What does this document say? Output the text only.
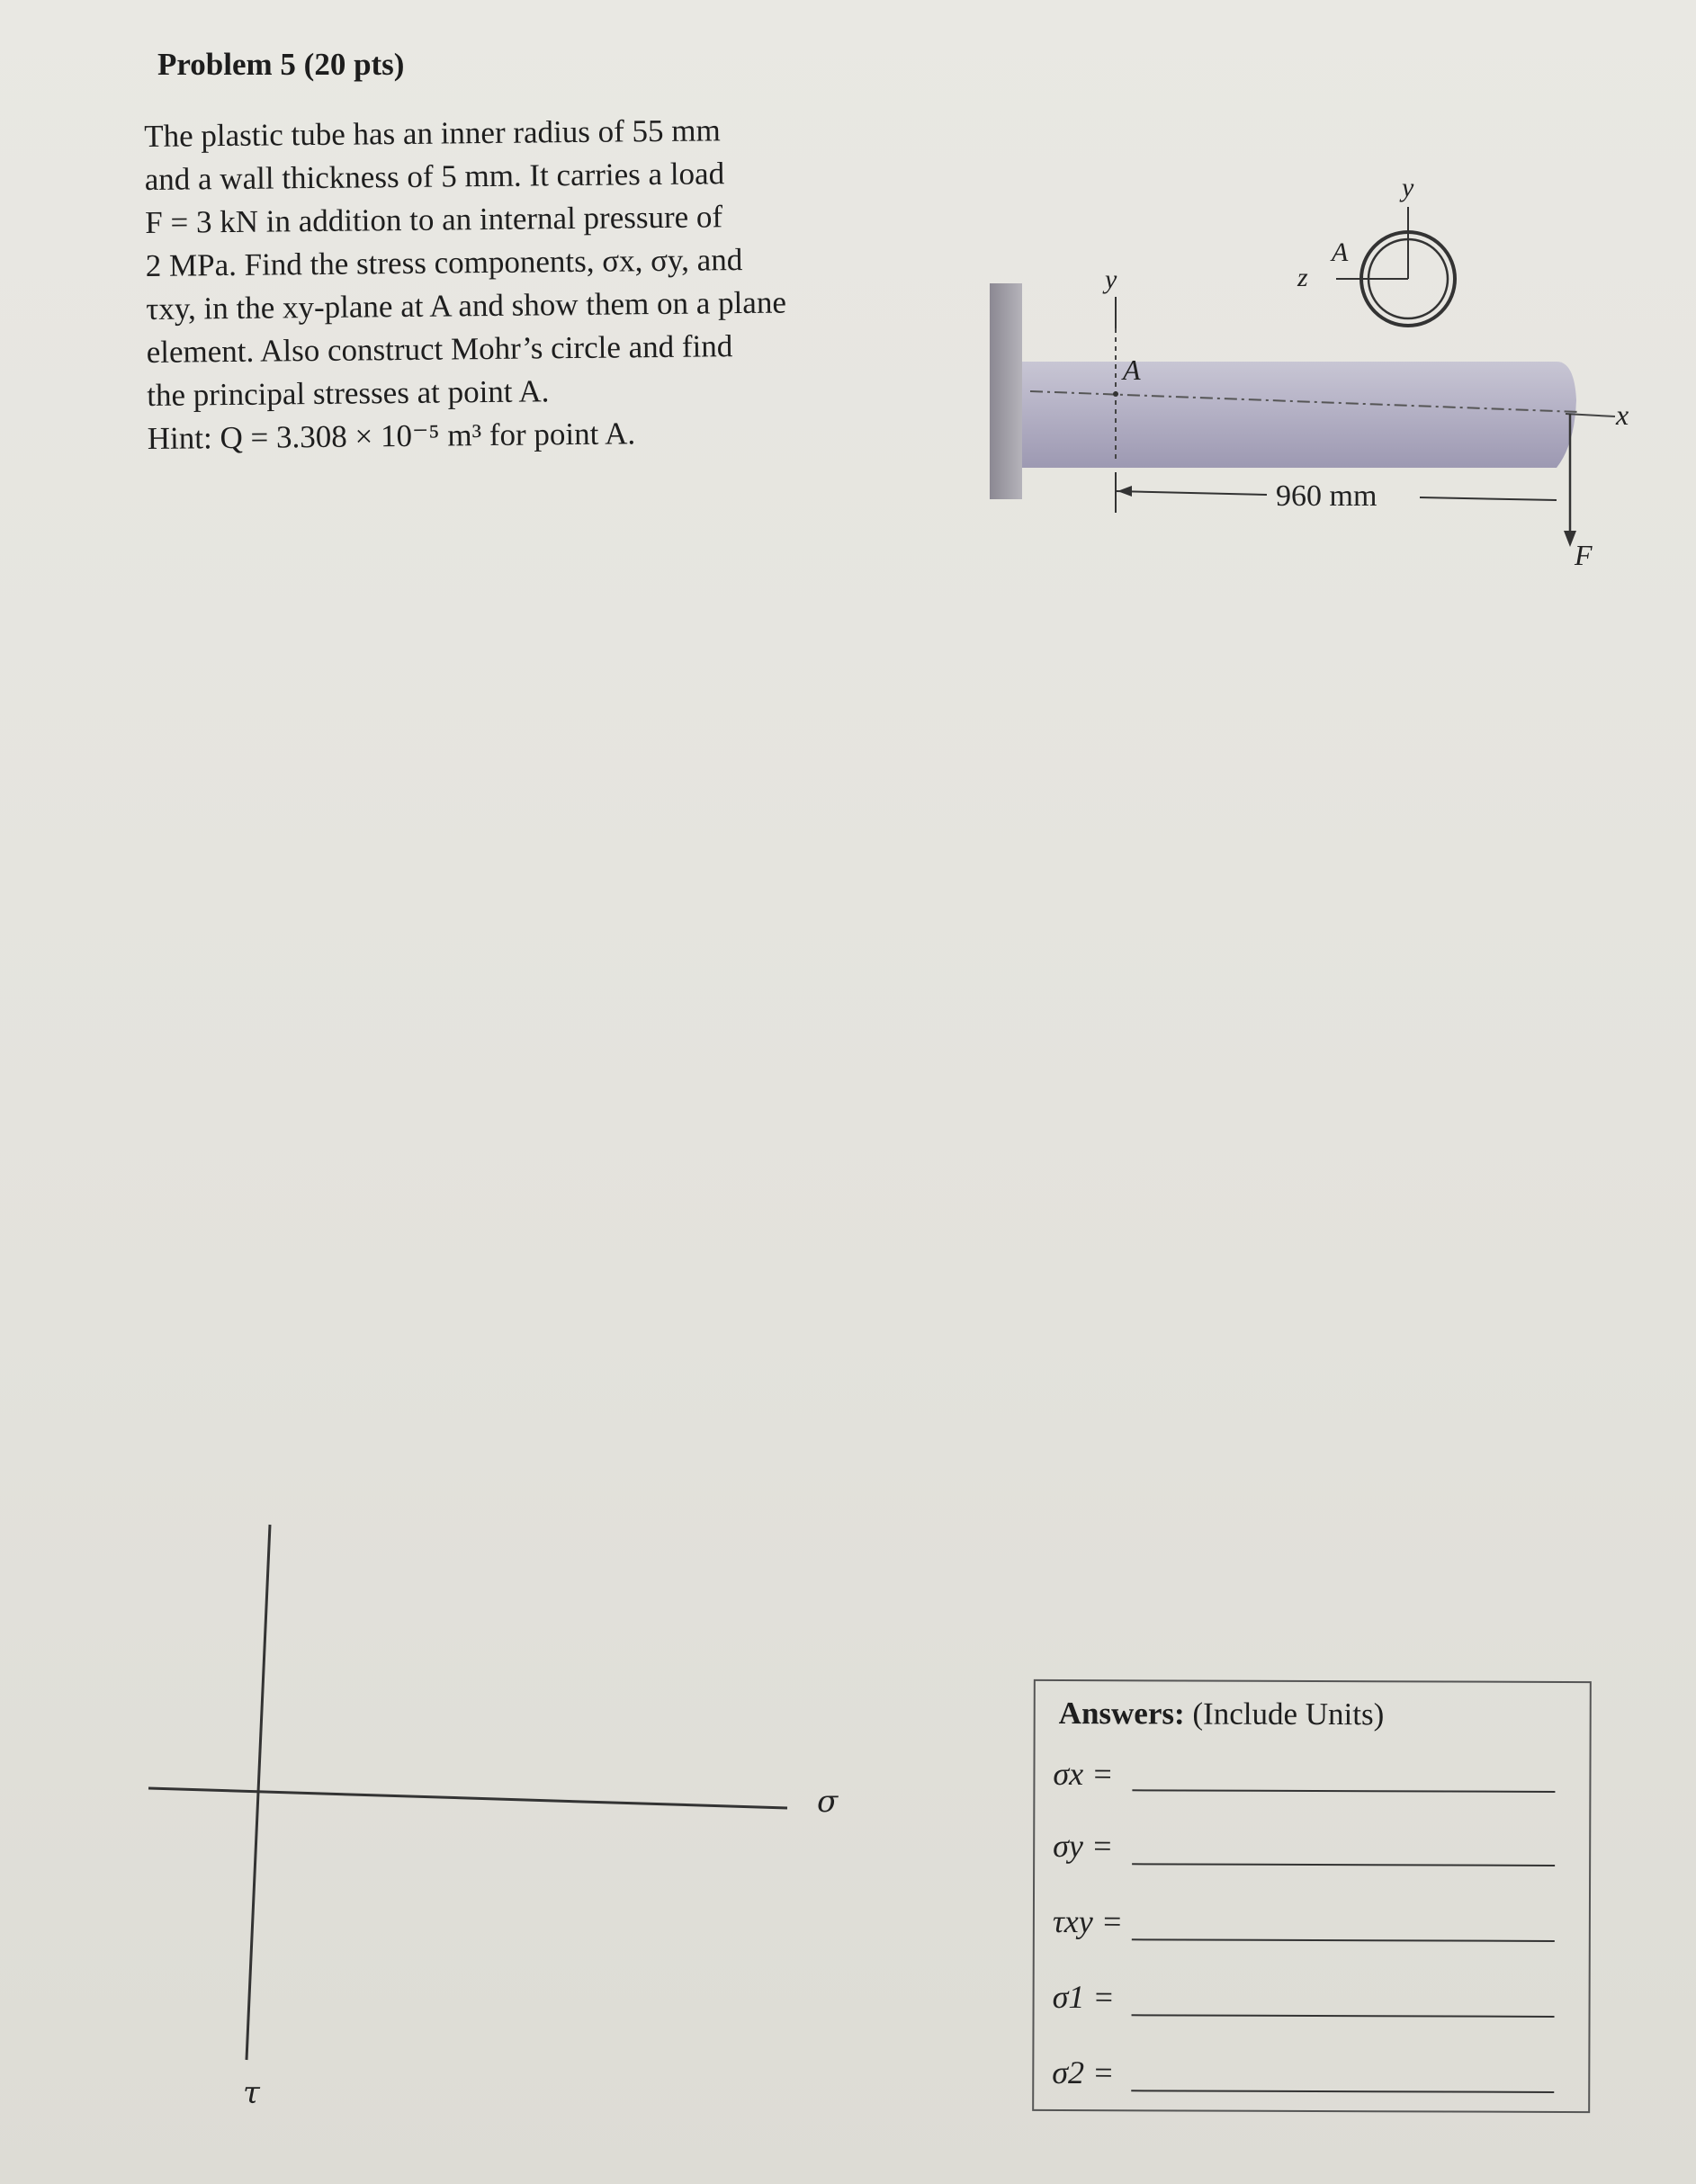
Problem 5 (20 pts)

The plastic tube has an inner radius of 55 mm
and a wall thickness of 5 mm. It carries a load
F = 3 kN in addition to an internal pressure of
2 MPa. Find the stress components, σx, σy, and
τxy, in the xy-plane at A and show them on a plane
element. Also construct Mohr’s circle and find
the principal stresses at point A.
Hint: Q = 3.308 × 10⁻⁵ m³ for point A.

y
A
x
F
960 mm
y
z
A
σ
τ
Answers: (Include Units)
σx =
σy =
τxy =
σ1 =
σ2 =
